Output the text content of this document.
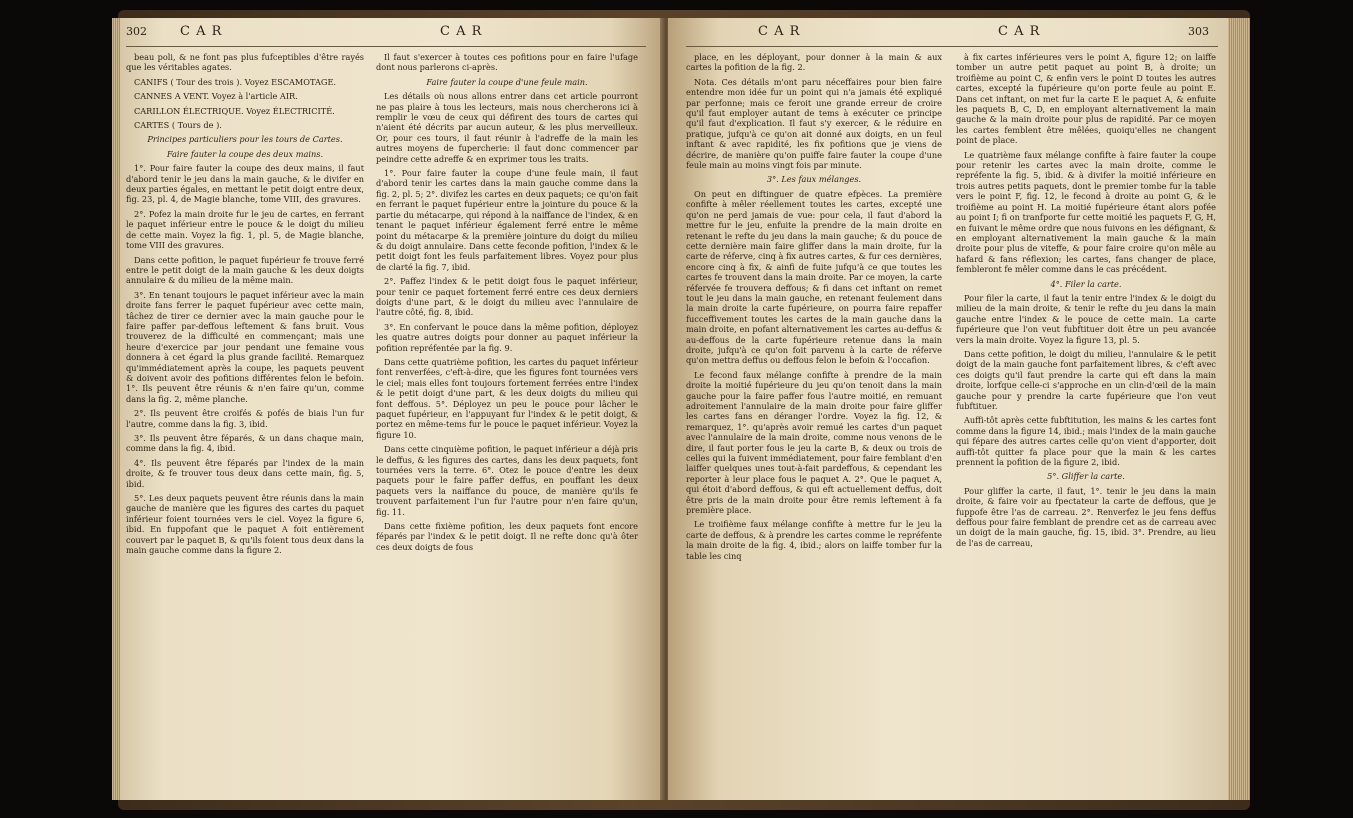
302	C A R	C A R

beau poli, & ne font pas plus fufceptibles d'être rayés que les véritables agates.

CANIFS ( Tour des trois ). Voyez ESCAMOTAGE.

CANNES A VENT. Voyez à l'article AIR.

CARILLON ÉLECTRIQUE. Voyez ÉLECTRICITÉ.

CARTES ( Tours de ).

Principes particuliers pour les tours de Cartes.

Faire fauter la coupe des deux mains.

1°. Pour faire fauter la coupe des deux mains, il faut d'abord tenir le jeu dans la main gauche, & le divifer en deux parties égales, en mettant le petit doigt entre deux, fig. 23, pl. 4, de Magie blanche, tome VIII, des gravures.

2°. Pofez la main droite fur le jeu de cartes, en ferrant le paquet inférieur entre le pouce & le doigt du milieu de cette main. Voyez la fig. 1, pl. 5, de Magie blanche, tome VIII des gravures.

Dans cette pofition, le paquet fupérieur fe trouve ferré entre le petit doigt de la main gauche & les deux doigts annulaire & du milieu de la même main.

3°. En tenant toujours le paquet inférieur avec la main droite fans ferrer le paquet fupérieur avec cette main, tâchez de tirer ce dernier avec la main gauche pour le faire paffer par-deffous leftement & fans bruit. Vous trouverez de la difficulté en commençant; mais une heure d'exercice par jour pendant une femaine vous donnera à cet égard la plus grande facilité. Remarquez qu'immédiatement après la coupe, les paquets peuvent & doivent avoir des pofitions différentes felon le befoin. 1°. Ils peuvent être réunis & n'en faire qu'un, comme dans la fig. 2, même planche.

2°. Ils peuvent être croifés & pofés de biais l'un fur l'autre, comme dans la fig. 3, ibid.

3°. Ils peuvent être féparés, & un dans chaque main, comme dans la fig. 4, ibid.

4°. Ils peuvent être féparés par l'index de la main droite, & fe trouver tous deux dans cette main, fig. 5, ibid.

5°. Les deux paquets peuvent être réunis dans la main gauche de manière que les figures des cartes du paquet inférieur foient tournées vers le ciel. Voyez la figure 6, ibid. En fuppofant que le paquet A foit entièrement couvert par le paquet B, & qu'ils foient tous deux dans la main gauche comme dans la figure 2.

Il faut s'exercer à toutes ces pofitions pour en faire l'ufage dont nous parlerons ci-après.

Faire fauter la coupe d'une feule main.

Les détails où nous allons entrer dans cet article pourront ne pas plaire à tous les lecteurs, mais nous chercherons ici à remplir le vœu de ceux qui défirent des tours de cartes qui n'aient été décrits par aucun auteur, & les plus merveilleux. Or, pour ces tours, il faut réunir à l'adreffe de la main les autres moyens de fupercherie: il faut donc commencer par peindre cette adreffe & en exprimer tous les traits.

1°. Pour faire fauter la coupe d'une feule main, il faut d'abord tenir les cartes dans la main gauche comme dans la fig. 2, pl. 5; 2°. divifez les cartes en deux paquets; ce qu'on fait en ferrant le paquet fupérieur entre la jointure du pouce & la partie du métacarpe, qui répond à la naiffance de l'index, & en tenant le paquet inférieur également ferré entre le même point du métacarpe & la première jointure du doigt du milieu & du doigt annulaire. Dans cette feconde pofition, l'index & le petit doigt font les feuls parfaitement libres. Voyez pour plus de clarté la fig. 7, ibid.

2°. Paffez l'index & le petit doigt fous le paquet inférieur, pour tenir ce paquet fortement ferré entre ces deux derniers doigts d'une part, & le doigt du milieu avec l'annulaire de l'autre côté, fig. 8, ibid.

3°. En confervant le pouce dans la même pofition, déployez les quatre autres doigts pour donner au paquet inférieur la pofition repréfentée par la fig. 9.

Dans cette quatrième pofition, les cartes du paquet inférieur font renverfées, c'eft-à-dire, que les figures font tournées vers le ciel; mais elles font toujours fortement ferrées entre l'index & le petit doigt d'une part, & les deux doigts du milieu qui font deffous. 5°. Déployez un peu le pouce pour lâcher le paquet fupérieur, en l'appuyant fur l'index & le petit doigt, & portez en même-tems fur le pouce le paquet inférieur. Voyez la figure 10.

Dans cette cinquième pofition, le paquet inférieur a déjà pris le deffus, & les figures des cartes, dans les deux paquets, font tournées vers la terre. 6°. Otez le pouce d'entre les deux paquets pour le faire paffer deffus, en pouffant les deux paquets vers la naiffance du pouce, de manière qu'ils fe trouvent parfaitement l'un fur l'autre pour n'en faire qu'un, fig. 11.

Dans cette fixième pofition, les deux paquets font encore féparés par l'index & le petit doigt. Il ne refte donc qu'à ôter ces deux doigts de fous

C A R	C A R	303

place, en les déployant, pour donner à la main & aux cartes la pofition de la fig. 2.

Nota. Ces détails m'ont paru néceffaires pour bien faire entendre mon idée fur un point qui n'a jamais été expliqué par perfonne; mais ce feroit une grande erreur de croire qu'il faut employer autant de tems à exécuter ce principe qu'il faut d'explication. Il faut s'y exercer, & le réduire en pratique, jufqu'à ce qu'on ait donné aux doigts, en un feul inftant & avec rapidité, les fix pofitions que je viens de décrire, de manière qu'on puiffe faire fauter la coupe d'une feule main au moins vingt fois par minute.

3°. Les faux mélanges.

On peut en diftinguer de quatre efpèces. La première confifte à mêler réellement toutes les cartes, excepté une qu'on ne perd jamais de vue: pour cela, il faut d'abord la mettre fur le jeu, enfuite la prendre de la main droite en retenant le refte du jeu dans la main gauche; & du pouce de cette dernière main faire gliffer dans la main droite, fur la carte de réferve, cinq à fix autres cartes, & fur ces dernières, encore cinq à fix, & ainfi de fuite jufqu'à ce que toutes les cartes fe trouvent dans la main droite. Par ce moyen, la carte réfervée fe trouvera deffous; & fi dans cet inftant on remet tout le jeu dans la main gauche, en retenant feulement dans la main droite la carte fupérieure, on pourra faire repaffer fucceffivement toutes les cartes de la main gauche dans la main droite, en pofant alternativement les cartes au-deffus & au-deffous de la carte fupérieure retenue dans la main droite, jufqu'à ce qu'on foit parvenu à la carte de réferve qu'on mettra deffus ou deffous felon le befoin & l'occafion.

Le fecond faux mélange confifte à prendre de la main droite la moitié fupérieure du jeu qu'on tenoit dans la main gauche pour la faire paffer fous l'autre moitié, en remuant adroitement l'annulaire de la main droite pour faire gliffer les cartes fans en déranger l'ordre. Voyez la fig. 12, & remarquez, 1°. qu'après avoir remué les cartes d'un paquet avec l'annulaire de la main droite, comme nous venons de le dire, il faut porter fous le jeu la carte B, & deux ou trois de celles qui la fuivent immédiatement, pour faire femblant d'en laiffer quelques unes tout-à-fait pardeffous, & cependant les reporter à leur place fous le paquet A. 2°. Que le paquet A, qui étoit d'abord deffous, & qui eft actuellement deffus, doit être pris de la main droite pour être remis leftement à fa première place.

Le troifième faux mélange confifte à mettre fur le jeu la carte de deffous, & à prendre les cartes comme le repréfente la main droite de la fig. 4, ibid.; alors on laiffe tomber fur la table les cinq

à fix cartes inférieures vers le point A, figure 12; on laiffe tomber un autre petit paquet au point B, à droite; un troifième au point C, & enfin vers le point D toutes les autres cartes, excepté la fupérieure qu'on porte feule au point E. Dans cet inftant, on met fur la carte E le paquet A, & enfuite les paquets B, C, D, en employant alternativement la main gauche & la main droite pour plus de rapidité. Par ce moyen les cartes femblent être mêlées, quoiqu'elles ne changent point de place.

Le quatrième faux mélange confifte à faire fauter la coupe pour retenir les cartes avec la main droite, comme le repréfente la fig. 5, ibid. & à divifer la moitié inférieure en trois autres petits paquets, dont le premier tombe fur la table vers le point F, fig. 12, le fecond à droite au point G, & le troifième au point H. La moitié fupérieure étant alors pofée au point I; fi on tranfporte fur cette moitié les paquets F, G, H, en fuivant le même ordre que nous fuivons en les défignant, & en employant alternativement la main gauche & la main droite pour plus de viteffe, & pour faire croire qu'on mêle au hafard & fans réflexion; les cartes, fans changer de place, fembleront fe mêler comme dans le cas précédent.

4°. Filer la carte.

Pour filer la carte, il faut la tenir entre l'index & le doigt du milieu de la main droite, & tenir le refte du jeu dans la main gauche entre l'index & le pouce de cette main. La carte fupérieure que l'on veut fubftituer doit être un peu avancée vers la main droite. Voyez la figure 13, pl. 5.

Dans cette pofition, le doigt du milieu, l'annulaire & le petit doigt de la main gauche font parfaitement libres, & c'eft avec ces doigts qu'il faut prendre la carte qui eft dans la main droite, lorfque celle-ci s'approche en un clin-d'œil de la main gauche pour y prendre la carte fupérieure que l'on veut fubftituer.

Auffi-tôt après cette fubftitution, les mains & les cartes font comme dans la figure 14, ibid.; mais l'index de la main gauche qui fépare des autres cartes celle qu'on vient d'apporter, doit auffi-tôt quitter fa place pour que la main & les cartes prennent la pofition de la figure 2, ibid.

5°. Gliffer la carte.

Pour gliffer la carte, il faut, 1°. tenir le jeu dans la main droite, & faire voir au fpectateur la carte de deffous, que je fuppofe être l'as de carreau. 2°. Renverfez le jeu fens deffus deffous pour faire femblant de prendre cet as de carreau avec un doigt de la main gauche, fig. 15, ibid. 3°. Prendre, au lieu de l'as de carreau,
